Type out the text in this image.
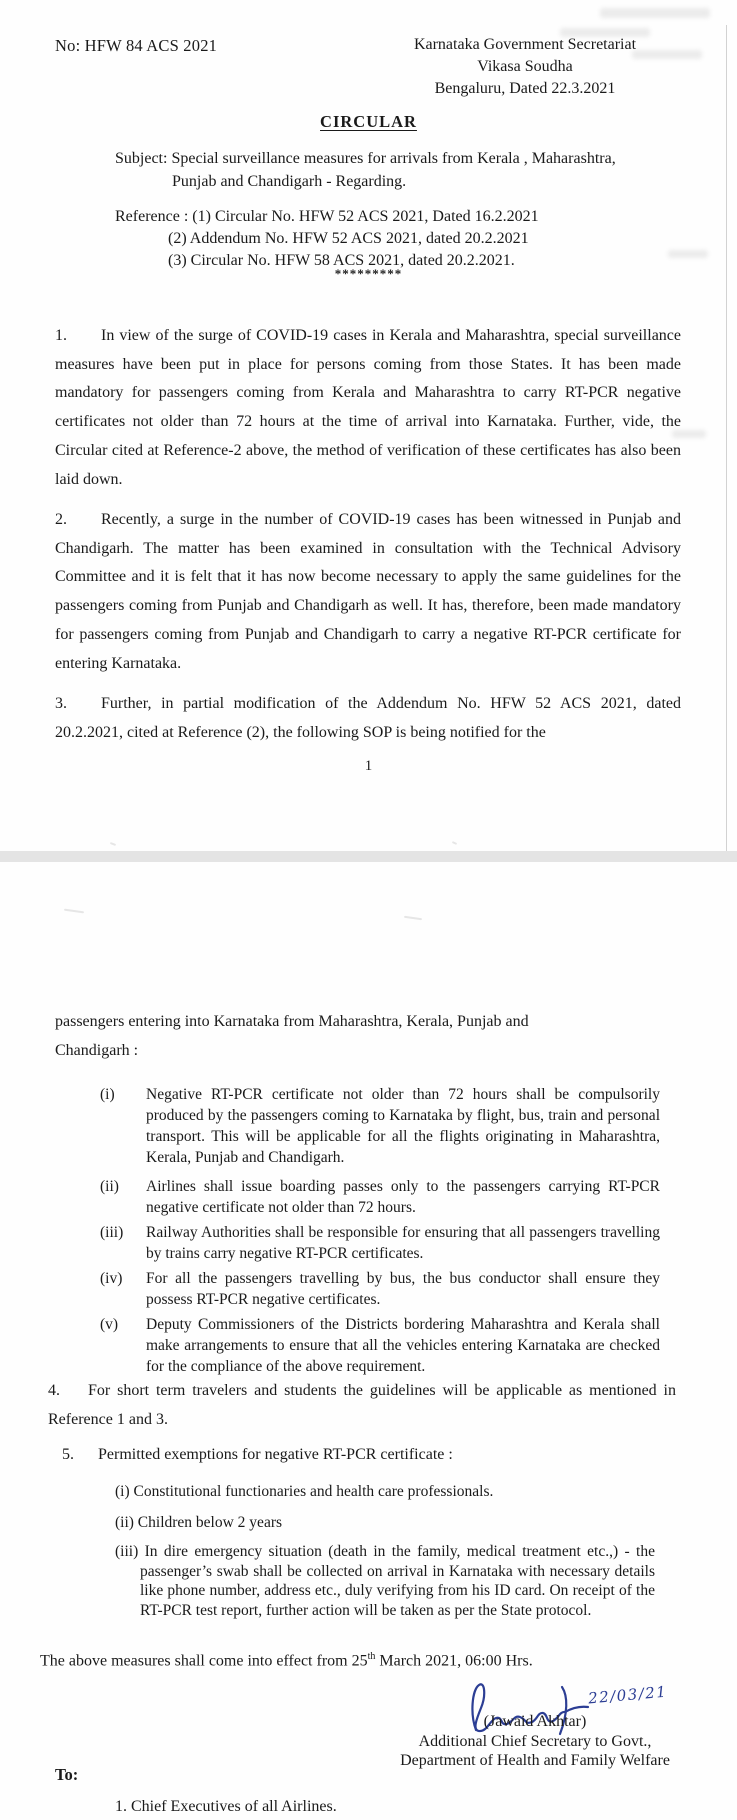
No: HFW 84 ACS 2021	Karnataka Government Secretariat
Vikasa Soudha
Bengaluru, Dated 22.3.2021
CIRCULAR
Subject: Special surveillance measures for arrivals from Kerala , Maharashtra,
Punjab and Chandigarh - Regarding.
Reference : (1) Circular No. HFW 52 ACS 2021, Dated 16.2.2021
(2) Addendum No. HFW 52 ACS 2021, dated 20.2.2021
(3) Circular No. HFW 58 ACS 2021, dated 20.2.2021.
*********

1. In view of the surge of COVID-19 cases in Kerala and Maharashtra, special surveillance measures have been put in place for persons coming from those States. It has been made mandatory for passengers coming from Kerala and Maharashtra to carry RT-PCR negative certificates not older than 72 hours at the time of arrival into Karnataka. Further, vide, the Circular cited at Reference-2 above, the method of verification of these certificates has also been laid down.

2. Recently, a surge in the number of COVID-19 cases has been witnessed in Punjab and Chandigarh. The matter has been examined in consultation with the Technical Advisory Committee and it is felt that it has now become necessary to apply the same guidelines for the passengers coming from Punjab and Chandigarh as well. It has, therefore, been made mandatory for passengers coming from Punjab and Chandigarh to carry a negative RT-PCR certificate for entering Karnataka.

3. Further, in partial modification of the Addendum No. HFW 52 ACS 2021, dated 20.2.2021, cited at Reference (2), the following SOP is being notified for the

1

passengers entering into Karnataka from Maharashtra, Kerala, Punjab and
Chandigarh :

(i) Negative RT-PCR certificate not older than 72 hours shall be compulsorily produced by the passengers coming to Karnataka by flight, bus, train and personal transport. This will be applicable for all the flights originating in Maharashtra, Kerala, Punjab and Chandigarh.
(ii) Airlines shall issue boarding passes only to the passengers carrying RT-PCR negative certificate not older than 72 hours.
(iii) Railway Authorities shall be responsible for ensuring that all passengers travelling by trains carry negative RT-PCR certificates.
(iv) For all the passengers travelling by bus, the bus conductor shall ensure they possess RT-PCR negative certificates.
(v) Deputy Commissioners of the Districts bordering Maharashtra and Kerala shall make arrangements to ensure that all the vehicles entering Karnataka are checked for the compliance of the above requirement.

4. For short term travelers and students the guidelines will be applicable as mentioned in Reference 1 and 3.

5. Permitted exemptions for negative RT-PCR certificate :

(i) Constitutional functionaries and health care professionals.

(ii) Children below 2 years

(iii) In dire emergency situation (death in the family, medical treatment etc.,) - the passenger’s swab shall be collected on arrival in Karnataka with necessary details like phone number, address etc., duly verifying from his ID card. On receipt of the RT-PCR test report, further action will be taken as per the State protocol.

The above measures shall come into effect from 25th March 2021, 06:00 Hrs.

22/03/21
(Jawaid Akhtar)
Additional Chief Secretary to Govt.,
Department of Health and Family Welfare
To:
1. Chief Executives of all Airlines.
